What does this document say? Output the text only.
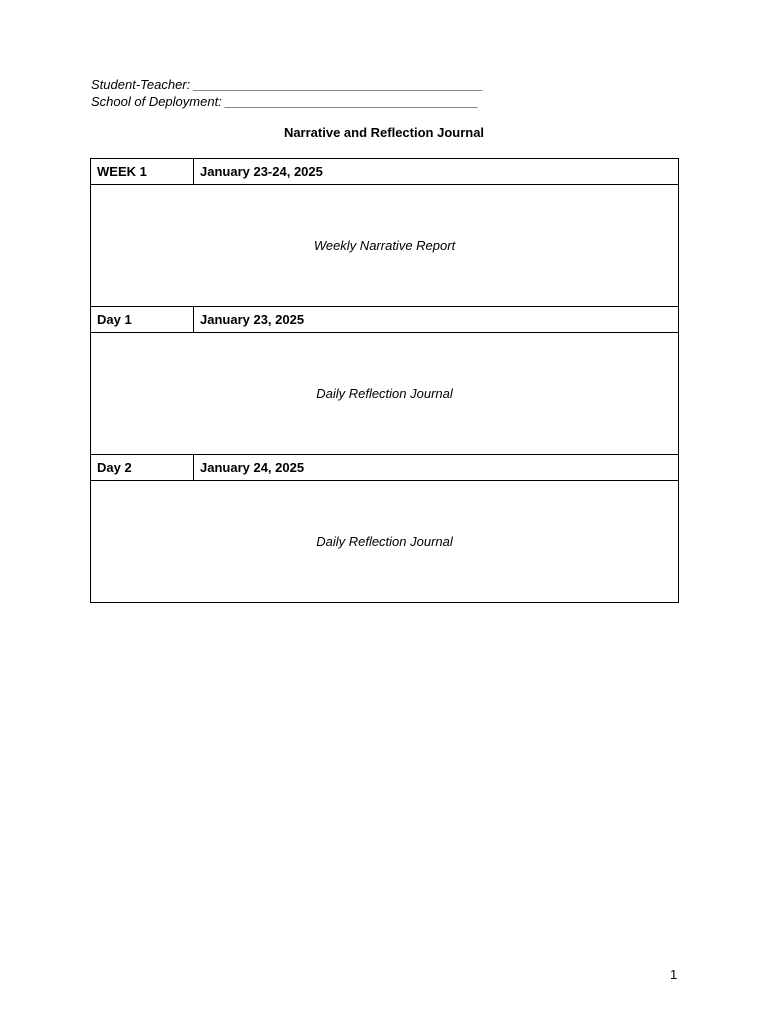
Student-Teacher: ________________________________________
School of Deployment: ___________________________________
Narrative and Reflection Journal
WEEK 1	January 23-24, 2025
Weekly Narrative Report	
Day 1	January 23, 2025
Daily Reflection Journal	
Day 2	January 24, 2025
Daily Reflection Journal	
1
